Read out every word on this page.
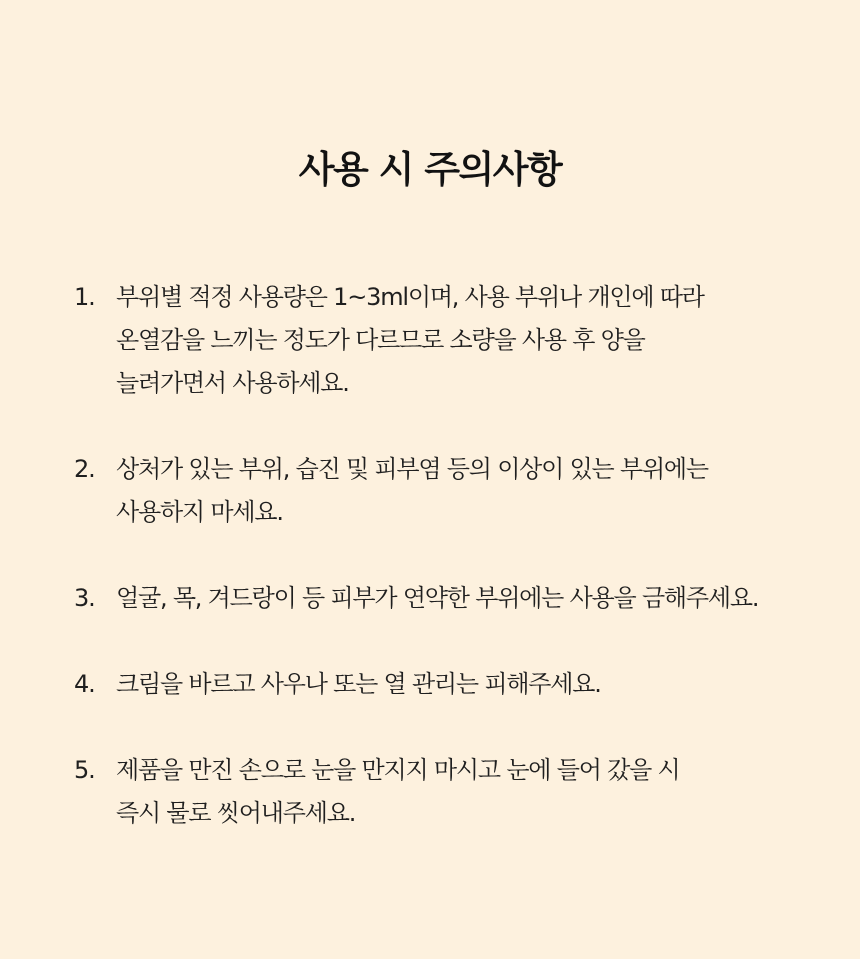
사용 시 주의사항
1. 부위별 적정 사용량은 1~3ml이며, 사용 부위나 개인에 따라
온열감을 느끼는 정도가 다르므로 소량을 사용 후 양을
늘려가면서 사용하세요.
2. 상처가 있는 부위, 습진 및 피부염 등의 이상이 있는 부위에는
사용하지 마세요.
3. 얼굴, 목, 겨드랑이 등 피부가 연약한 부위에는 사용을 금해주세요.
4. 크림을 바르고 사우나 또는 열 관리는 피해주세요.
5. 제품을 만진 손으로 눈을 만지지 마시고 눈에 들어 갔을 시
즉시 물로 씻어내주세요.
